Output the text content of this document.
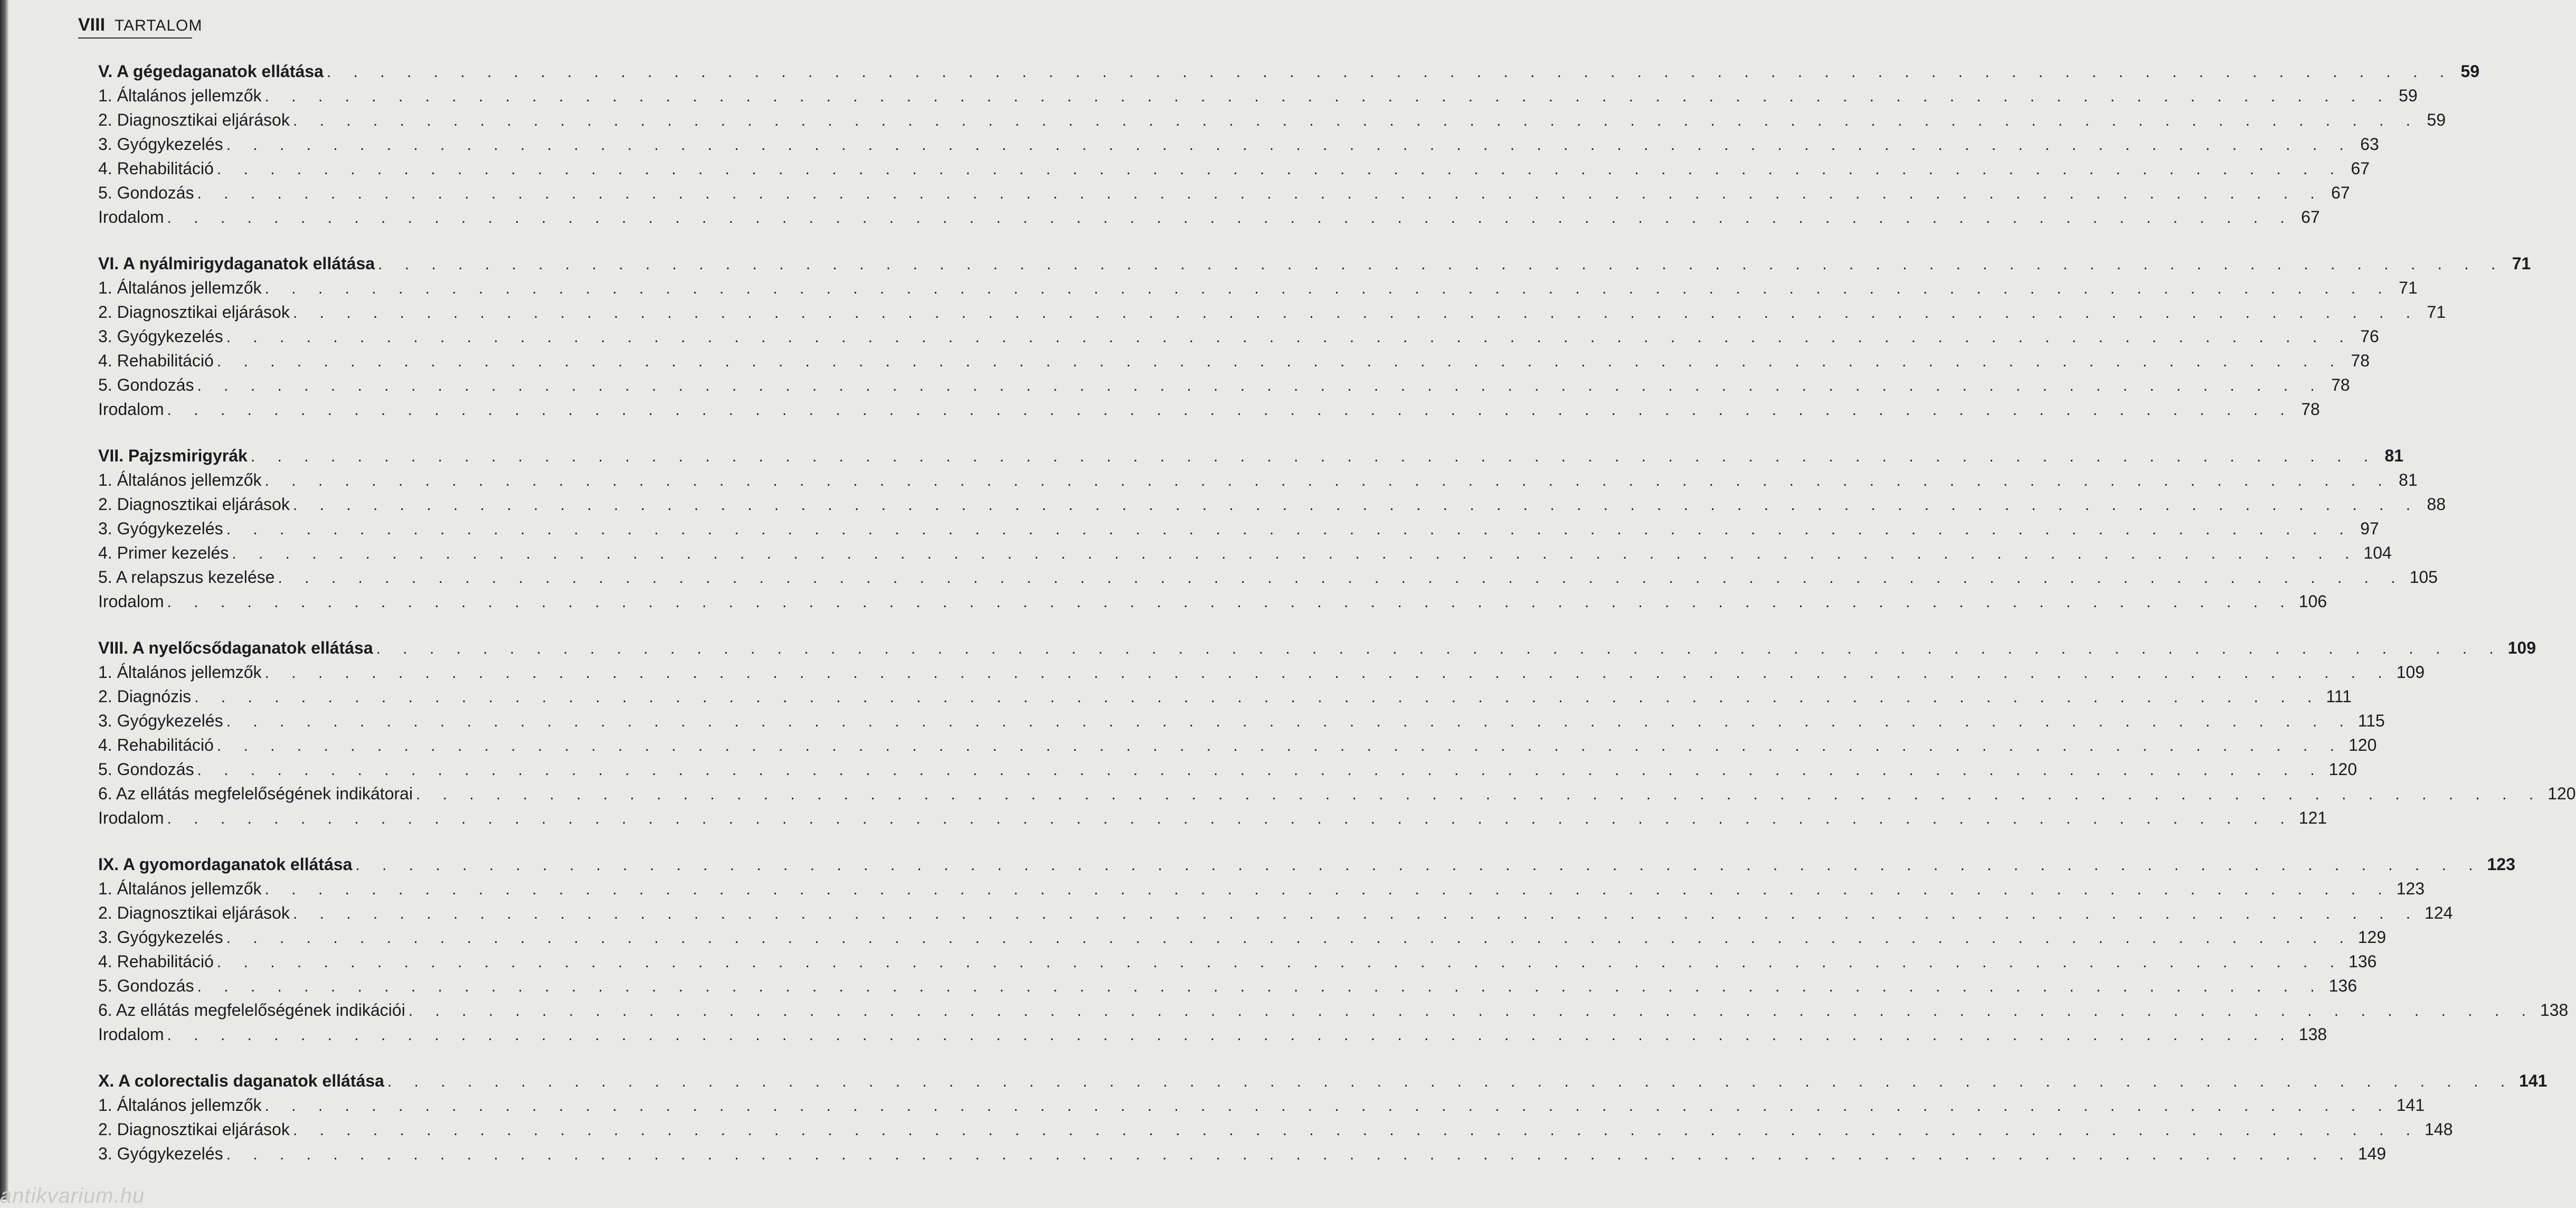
VIII TARTALOM
V. A gégedaganatok ellátása . . . . . . . . . . . . . . . . . . . . . . . . . . . . . . . . . . . . . . . . . . . . . . . . . . . . . . . . . . . . . . . . . . . . . . . . . . . . . . . . 59
1. Általános jellemzők . . . . . . . . . . . . . . . . . . . . . . . . . . . . . . . . . . . . . . . . . . . . . . . . . . . . . . . . . . . . . . . . . . . . . . . . . . . . . . . . 59
2. Diagnosztikai eljárások . . . . . . . . . . . . . . . . . . . . . . . . . . . . . . . . . . . . . . . . . . . . . . . . . . . . . . . . . . . . . . . . . . . . . . . . . . . . . . . . 59
3. Gyógykezelés . . . . . . . . . . . . . . . . . . . . . . . . . . . . . . . . . . . . . . . . . . . . . . . . . . . . . . . . . . . . . . . . . . . . . . . . . . . . . . . . 63
4. Rehabilitáció . . . . . . . . . . . . . . . . . . . . . . . . . . . . . . . . . . . . . . . . . . . . . . . . . . . . . . . . . . . . . . . . . . . . . . . . . . . . . . . . 67
5. Gondozás . . . . . . . . . . . . . . . . . . . . . . . . . . . . . . . . . . . . . . . . . . . . . . . . . . . . . . . . . . . . . . . . . . . . . . . . . . . . . . . . 67
Irodalom . . . . . . . . . . . . . . . . . . . . . . . . . . . . . . . . . . . . . . . . . . . . . . . . . . . . . . . . . . . . . . . . . . . . . . . . . . . . . . . . 67
VI. A nyálmirigydaganatok ellátása . . . . . . . . . . . . . . . . . . . . . . . . . . . . . . . . . . . . . . . . . . . . . . . . . . . . . . . . . . . . . . . . . . . . . . . . . . . . . . . . 71
1. Általános jellemzők . . . . . . . . . . . . . . . . . . . . . . . . . . . . . . . . . . . . . . . . . . . . . . . . . . . . . . . . . . . . . . . . . . . . . . . . . . . . . . . . 71
2. Diagnosztikai eljárások . . . . . . . . . . . . . . . . . . . . . . . . . . . . . . . . . . . . . . . . . . . . . . . . . . . . . . . . . . . . . . . . . . . . . . . . . . . . . . . . 71
3. Gyógykezelés . . . . . . . . . . . . . . . . . . . . . . . . . . . . . . . . . . . . . . . . . . . . . . . . . . . . . . . . . . . . . . . . . . . . . . . . . . . . . . . . 76
4. Rehabilitáció . . . . . . . . . . . . . . . . . . . . . . . . . . . . . . . . . . . . . . . . . . . . . . . . . . . . . . . . . . . . . . . . . . . . . . . . . . . . . . . . 78
5. Gondozás . . . . . . . . . . . . . . . . . . . . . . . . . . . . . . . . . . . . . . . . . . . . . . . . . . . . . . . . . . . . . . . . . . . . . . . . . . . . . . . . 78
Irodalom . . . . . . . . . . . . . . . . . . . . . . . . . . . . . . . . . . . . . . . . . . . . . . . . . . . . . . . . . . . . . . . . . . . . . . . . . . . . . . . . 78
VII. Pajzsmirigyrák . . . . . . . . . . . . . . . . . . . . . . . . . . . . . . . . . . . . . . . . . . . . . . . . . . . . . . . . . . . . . . . . . . . . . . . . . . . . . . . . 81
1. Általános jellemzők . . . . . . . . . . . . . . . . . . . . . . . . . . . . . . . . . . . . . . . . . . . . . . . . . . . . . . . . . . . . . . . . . . . . . . . . . . . . . . . . 81
2. Diagnosztikai eljárások . . . . . . . . . . . . . . . . . . . . . . . . . . . . . . . . . . . . . . . . . . . . . . . . . . . . . . . . . . . . . . . . . . . . . . . . . . . . . . . . 88
3. Gyógykezelés . . . . . . . . . . . . . . . . . . . . . . . . . . . . . . . . . . . . . . . . . . . . . . . . . . . . . . . . . . . . . . . . . . . . . . . . . . . . . . . . 97
4. Primer kezelés . . . . . . . . . . . . . . . . . . . . . . . . . . . . . . . . . . . . . . . . . . . . . . . . . . . . . . . . . . . . . . . . . . . . . . . . . . . . . . . . 104
5. A relapszus kezelése . . . . . . . . . . . . . . . . . . . . . . . . . . . . . . . . . . . . . . . . . . . . . . . . . . . . . . . . . . . . . . . . . . . . . . . . . . . . . . . . 105
Irodalom . . . . . . . . . . . . . . . . . . . . . . . . . . . . . . . . . . . . . . . . . . . . . . . . . . . . . . . . . . . . . . . . . . . . . . . . . . . . . . . . 106
VIII. A nyelőcsődaganatok ellátása . . . . . . . . . . . . . . . . . . . . . . . . . . . . . . . . . . . . . . . . . . . . . . . . . . . . . . . . . . . . . . . . . . . . . . . . . . . . . . . . 109
1. Általános jellemzők . . . . . . . . . . . . . . . . . . . . . . . . . . . . . . . . . . . . . . . . . . . . . . . . . . . . . . . . . . . . . . . . . . . . . . . . . . . . . . . . 109
2. Diagnózis . . . . . . . . . . . . . . . . . . . . . . . . . . . . . . . . . . . . . . . . . . . . . . . . . . . . . . . . . . . . . . . . . . . . . . . . . . . . . . . . 111
3. Gyógykezelés . . . . . . . . . . . . . . . . . . . . . . . . . . . . . . . . . . . . . . . . . . . . . . . . . . . . . . . . . . . . . . . . . . . . . . . . . . . . . . . . 115
4. Rehabilitáció . . . . . . . . . . . . . . . . . . . . . . . . . . . . . . . . . . . . . . . . . . . . . . . . . . . . . . . . . . . . . . . . . . . . . . . . . . . . . . . . 120
5. Gondozás . . . . . . . . . . . . . . . . . . . . . . . . . . . . . . . . . . . . . . . . . . . . . . . . . . . . . . . . . . . . . . . . . . . . . . . . . . . . . . . . 120
6. Az ellátás megfelelőségének indikátorai . . . . . . . . . . . . . . . . . . . . . . . . . . . . . . . . . . . . . . . . . . . . . . . . . . . . . . . . . . . . . . . . . . . . . . . . . . . . . . . . 120
Irodalom . . . . . . . . . . . . . . . . . . . . . . . . . . . . . . . . . . . . . . . . . . . . . . . . . . . . . . . . . . . . . . . . . . . . . . . . . . . . . . . . 121
IX. A gyomordaganatok ellátása . . . . . . . . . . . . . . . . . . . . . . . . . . . . . . . . . . . . . . . . . . . . . . . . . . . . . . . . . . . . . . . . . . . . . . . . . . . . . . . . 123
1. Általános jellemzők . . . . . . . . . . . . . . . . . . . . . . . . . . . . . . . . . . . . . . . . . . . . . . . . . . . . . . . . . . . . . . . . . . . . . . . . . . . . . . . . 123
2. Diagnosztikai eljárások . . . . . . . . . . . . . . . . . . . . . . . . . . . . . . . . . . . . . . . . . . . . . . . . . . . . . . . . . . . . . . . . . . . . . . . . . . . . . . . . 124
3. Gyógykezelés . . . . . . . . . . . . . . . . . . . . . . . . . . . . . . . . . . . . . . . . . . . . . . . . . . . . . . . . . . . . . . . . . . . . . . . . . . . . . . . . 129
4. Rehabilitáció . . . . . . . . . . . . . . . . . . . . . . . . . . . . . . . . . . . . . . . . . . . . . . . . . . . . . . . . . . . . . . . . . . . . . . . . . . . . . . . . 136
5. Gondozás . . . . . . . . . . . . . . . . . . . . . . . . . . . . . . . . . . . . . . . . . . . . . . . . . . . . . . . . . . . . . . . . . . . . . . . . . . . . . . . . 136
6. Az ellátás megfelelőségének indikációi . . . . . . . . . . . . . . . . . . . . . . . . . . . . . . . . . . . . . . . . . . . . . . . . . . . . . . . . . . . . . . . . . . . . . . . . . . . . . . . . 138
Irodalom . . . . . . . . . . . . . . . . . . . . . . . . . . . . . . . . . . . . . . . . . . . . . . . . . . . . . . . . . . . . . . . . . . . . . . . . . . . . . . . . 138
X. A colorectalis daganatok ellátása . . . . . . . . . . . . . . . . . . . . . . . . . . . . . . . . . . . . . . . . . . . . . . . . . . . . . . . . . . . . . . . . . . . . . . . . . . . . . . . . 141
1. Általános jellemzők . . . . . . . . . . . . . . . . . . . . . . . . . . . . . . . . . . . . . . . . . . . . . . . . . . . . . . . . . . . . . . . . . . . . . . . . . . . . . . . . 141
2. Diagnosztikai eljárások . . . . . . . . . . . . . . . . . . . . . . . . . . . . . . . . . . . . . . . . . . . . . . . . . . . . . . . . . . . . . . . . . . . . . . . . . . . . . . . . 148
3. Gyógykezelés . . . . . . . . . . . . . . . . . . . . . . . . . . . . . . . . . . . . . . . . . . . . . . . . . . . . . . . . . . . . . . . . . . . . . . . . . . . . . . . . 149
antikvarium.hu
